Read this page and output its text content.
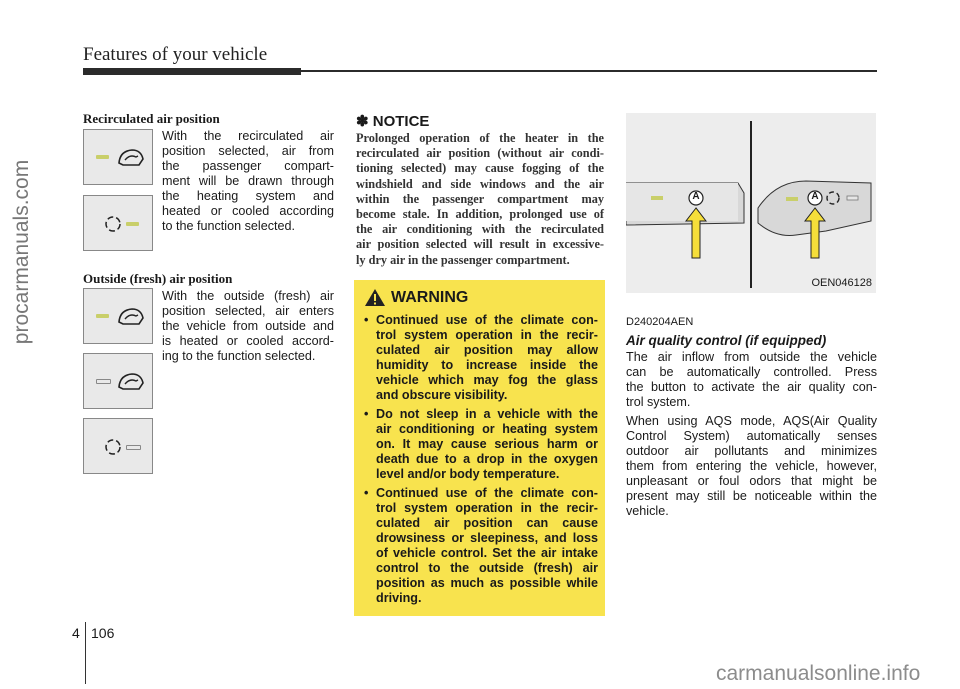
Features of your vehicle
procarmanuals.com
Recirculated air position
With the recirculated air
position selected, air from
the passenger compart-
ment will be drawn through
the heating system and
heated or cooled according
to the function selected.
Outside (fresh) air position
With the outside (fresh) air
position selected, air enters
the vehicle from outside and
is heated or cooled accord-
ing to the function selected.
✽ NOTICE
Prolonged operation of the heater in the
recirculated air position (without air condi-
tioning selected) may cause fogging of the
windshield and side windows and the air
within the passenger compartment may
become stale. In addition, prolonged use of
the air conditioning with the recirculated
air position selected will result in excessive-
ly dry air in the passenger compartment.
WARNING
• Continued use of the climate con-
trol system operation in the recir-
culated air position may allow
humidity to increase inside the
vehicle which may fog the glass
and obscure visibility.
• Do not sleep in a vehicle with the
air conditioning or heating system
on. It may cause serious harm or
death due to a drop in the oxygen
level and/or body temperature.
• Continued use of the climate con-
trol system operation in the recir-
culated air position can cause
drowsiness or sleepiness, and loss
of vehicle control. Set the air intake
control to the outside (fresh) air
position as much as possible while
driving.
A	A
OEN046128
D240204AEN
Air quality control (if equipped)
The air inflow from outside the vehicle
can be automatically controlled. Press
the button to activate the air quality con-
trol system.
When using AQS mode, AQS(Air Quality
Control System) automatically senses
outdoor air pollutants and minimizes
them from entering the vehicle, however,
unpleasant or foul odors that might be
present may still be noticeable within the
vehicle.
4 106
carmanualsonline.info
